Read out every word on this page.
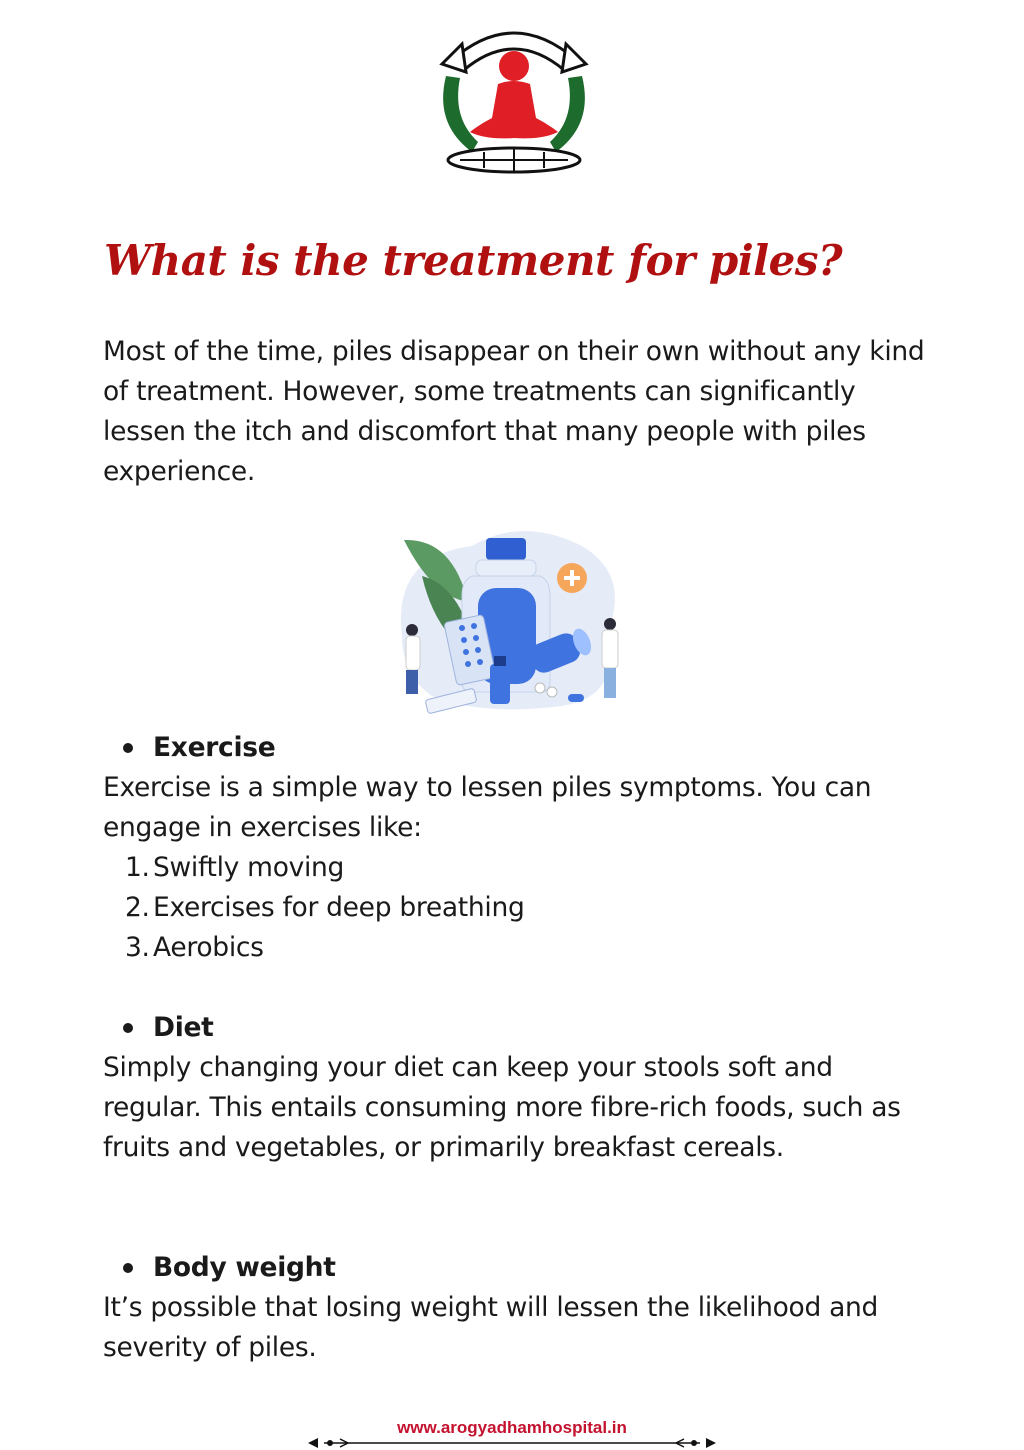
What is the treatment for piles?

Most of the time, piles disappear on their own without any kind of treatment. However, some treatments can significantly lessen the itch and discomfort that many people with piles experience.

Exercise

Exercise is a simple way to lessen piles symptoms. You can engage in exercises like:

1. Swiftly moving
2. Exercises for deep breathing
3. Aerobics
Diet

Simply changing your diet can keep your stools soft and regular. This entails consuming more fibre-rich foods, such as fruits and vegetables, or primarily breakfast cereals.

Body weight

It’s possible that losing weight will lessen the likelihood and severity of piles.

www.arogyadhamhospital.in
